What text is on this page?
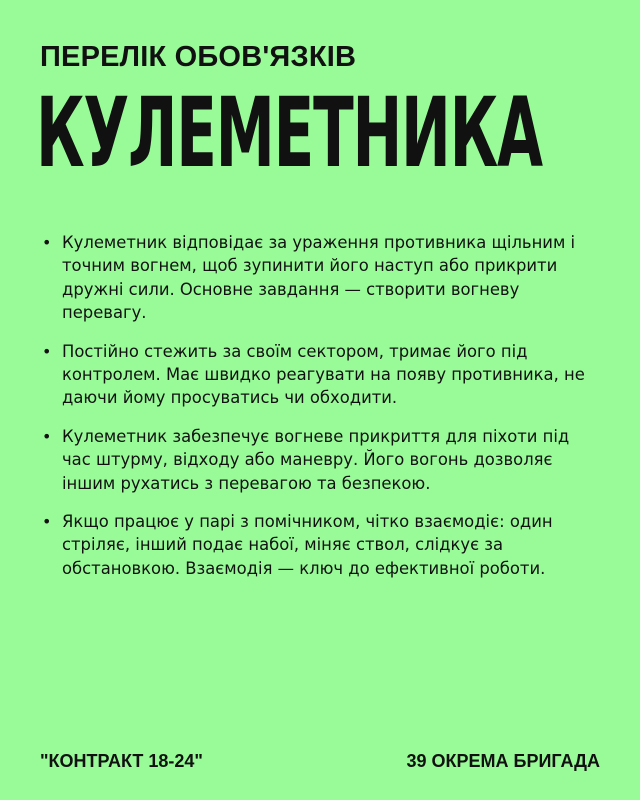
ПЕРЕЛІК ОБОВ'ЯЗКІВ
КУЛЕМЕТНИКА
• Кулеметник відповідає за ураження противника щільним і точним вогнем, щоб зупинити його наступ або прикрити дружні сили. Основне завдання — створити вогневу перевагу.
• Постійно стежить за своїм сектором, тримає його під контролем. Має швидко реагувати на появу противника, не даючи йому просуватись чи обходити.
• Кулеметник забезпечує вогневе прикриття для піхоти під час штурму, відходу або маневру. Його вогонь дозволяє іншим рухатись з перевагою та безпекою.
• Якщо працює у парі з помічником, чітко взаємодіє: один стріляє, інший подає набої, міняє ствол, слідкує за обстановкою. Взаємодія — ключ до ефективної роботи.
"КОНТРАКТ 18-24"	39 ОКРЕМА БРИГАДА
